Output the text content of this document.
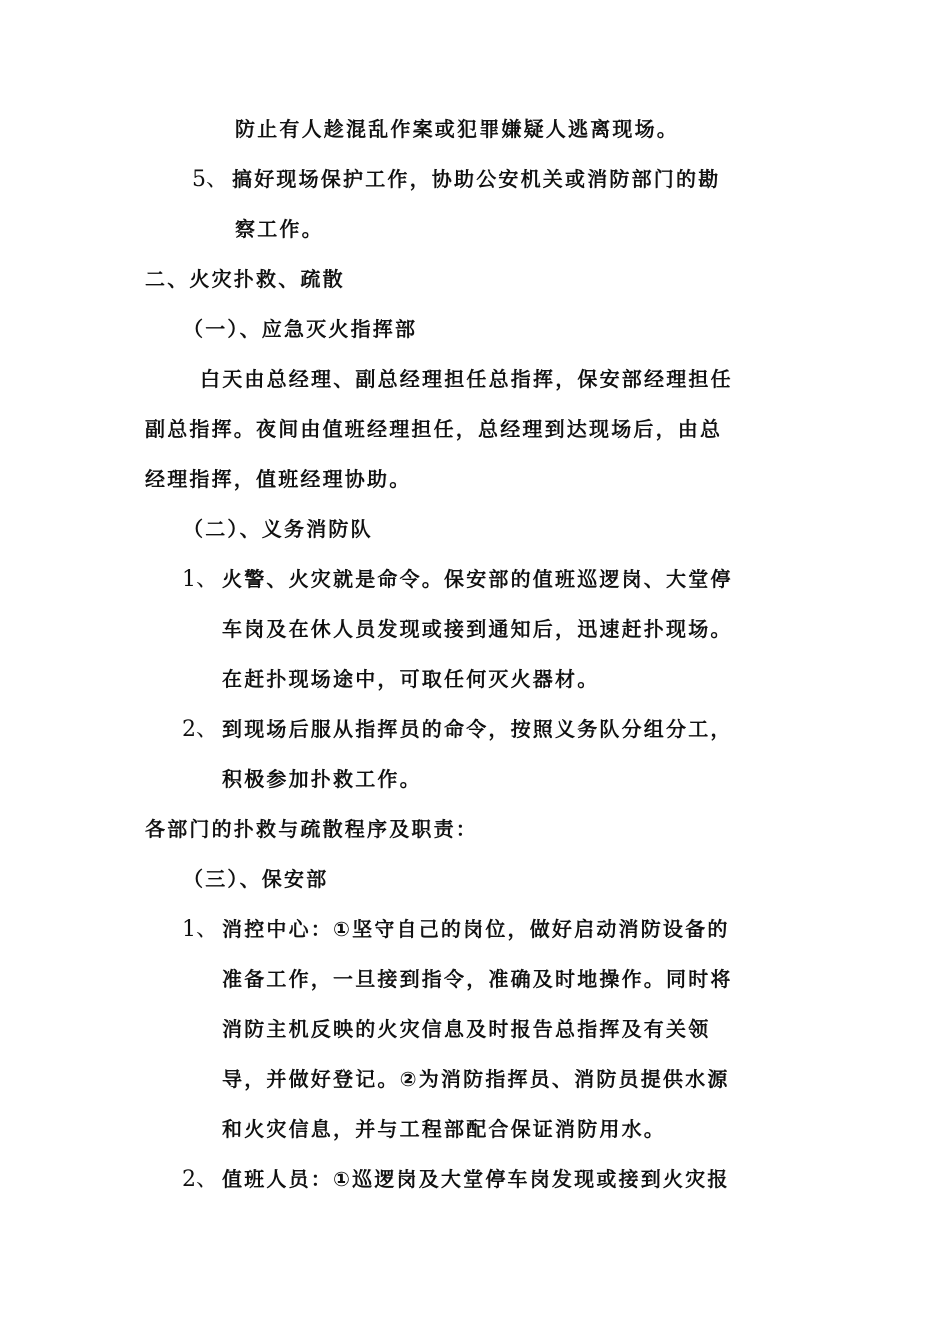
防止有人趁混乱作案或犯罪嫌疑人逃离现场。
5、 搞好现场保护工作，协助公安机关或消防部门的勘
察工作。
二、火灾扑救、疏散
（一）、应急灭火指挥部
白天由总经理、副总经理担任总指挥，保安部经理担任
副总指挥。夜间由值班经理担任，总经理到达现场后，由总
经理指挥，值班经理协助。
（二）、义务消防队
1、 火警、火灾就是命令。保安部的值班巡逻岗、大堂停
车岗及在休人员发现或接到通知后，迅速赶扑现场。
在赶扑现场途中，可取任何灭火器材。
2、 到现场后服从指挥员的命令，按照义务队分组分工，
积极参加扑救工作。
各部门的扑救与疏散程序及职责：
（三）、保安部
1、 消控中心：①坚守自己的岗位，做好启动消防设备的
准备工作，一旦接到指令，准确及时地操作。同时将
消防主机反映的火灾信息及时报告总指挥及有关领
导，并做好登记。②为消防指挥员、消防员提供水源
和火灾信息，并与工程部配合保证消防用水。
2、 值班人员：①巡逻岗及大堂停车岗发现或接到火灾报
